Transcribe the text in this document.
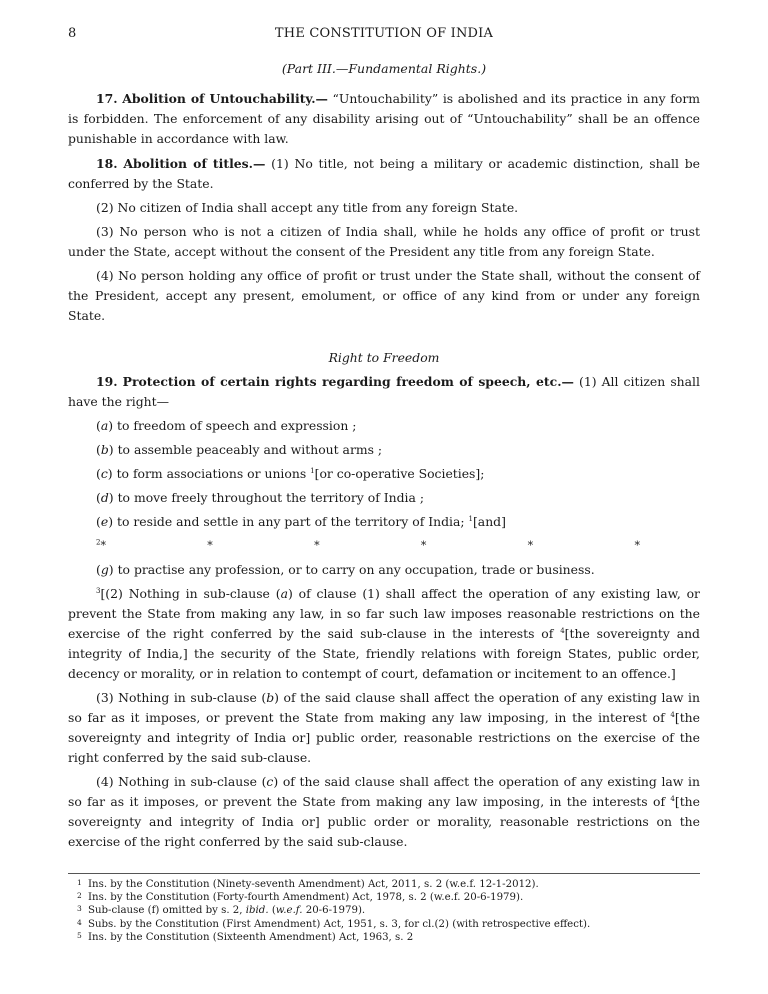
8	THE CONSTITUTION OF INDIA
(Part III.—Fundamental Rights.)

17. Abolition of Untouchability.— “Untouchability” is abolished and its practice in any form is forbidden. The enforcement of any disability arising out of “Untouchability” shall be an offence punishable in accordance with law.

18. Abolition of titles.— (1) No title, not being a military or academic distinction, shall be conferred by the State.

(2) No citizen of India shall accept any title from any foreign State.

(3) No person who is not a citizen of India shall, while he holds any office of profit or trust under the State, accept without the consent of the President any title from any foreign State.

(4) No person holding any office of profit or trust under the State shall, without the consent of the President, accept any present, emolument, or office of any kind from or under any foreign State.

Right to Freedom

19. Protection of certain rights regarding freedom of speech, etc.— (1) All citizen shall have the right—

(a) to freedom of speech and expression ;

(b) to assemble peaceably and without arms ;

(c) to form associations or unions $^1$[or co-operative Societies];

(d) to move freely throughout the territory of India ;

(e) to reside and settle in any part of the territory of India; $^1$[and]

$^2$*	*	*	*	*	*

(g) to practise any profession, or to carry on any occupation, trade or business.

$^3$[(2) Nothing in sub-clause (a) of clause (1) shall affect the operation of any existing law, or prevent the State from making any law, in so far such law imposes reasonable restrictions on the exercise of the right conferred by the said sub-clause in the interests of $^4$[the sovereignty and integrity of India,] the security of the State, friendly relations with foreign States, public order, decency or morality, or in relation to contempt of court, defamation or incitement to an offence.]

(3) Nothing in sub-clause (b) of the said clause shall affect the operation of any existing law in so far as it imposes, or prevent the State from making any law imposing, in the interest of $^4$[the sovereignty and integrity of India or] public order, reasonable restrictions on the exercise of the right conferred by the said sub-clause.

(4) Nothing in sub-clause (c) of the said clause shall affect the operation of any existing law in so far as it imposes, or prevent the State from making any law imposing, in the interests of $^4$[the sovereignty and integrity of India or] public order or morality, reasonable restrictions on the exercise of the right conferred by the said sub-clause.

1 Ins. by the Constitution (Ninety-seventh Amendment) Act, 2011, s. 2 (w.e.f. 12-1-2012).
2 Ins. by the Constitution (Forty-fourth Amendment) Act, 1978, s. 2 (w.e.f. 20-6-1979).
3 Sub-clause (f) omitted by s. 2, ibid. (w.e.f. 20-6-1979).
4 Subs. by the Constitution (First Amendment) Act, 1951, s. 3, for cl.(2) (with retrospective effect).
5 Ins. by the Constitution (Sixteenth Amendment) Act, 1963, s. 2
